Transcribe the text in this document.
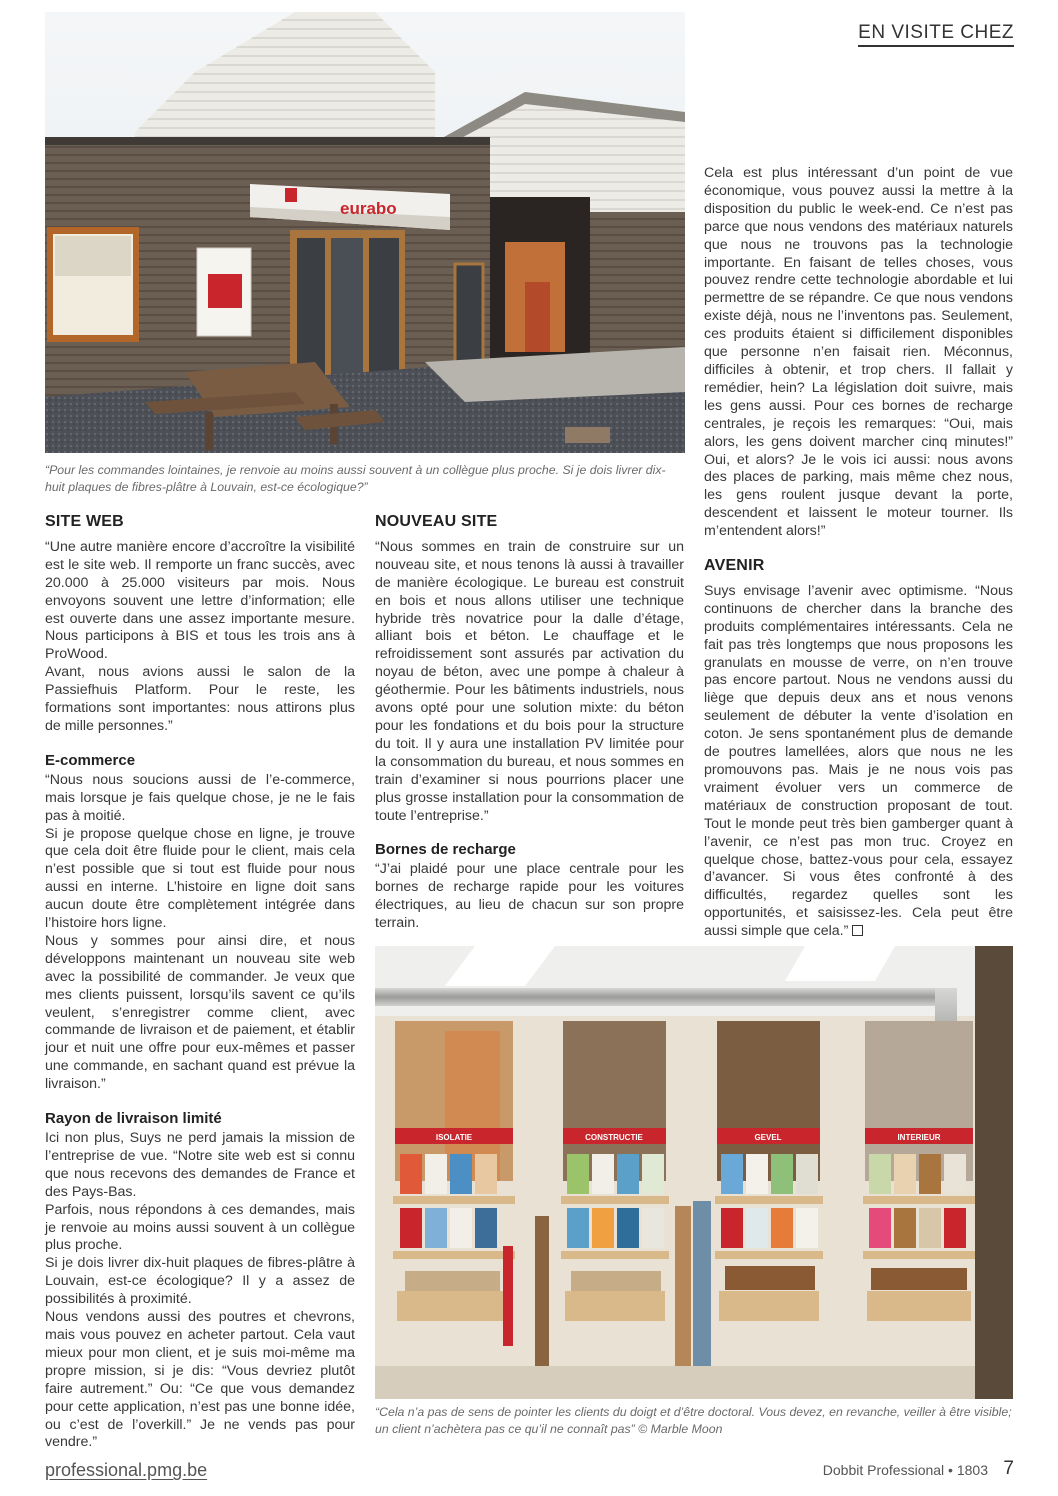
EN VISITE CHEZ
eurabo
“Pour les commandes lointaines, je renvoie au moins aussi souvent à un collègue plus proche. Si je dois livrer dix-huit plaques de fibres-plâtre à Louvain, est-ce écologique?”
SITE WEB

“Une autre manière encore d’accroître la visibilité est le site web. Il remporte un franc succès, avec 20.000 à 25.000 visiteurs par mois. Nous envoyons souvent une lettre d’information; elle est ouverte dans une assez importante mesure. Nous participons à BIS et tous les trois ans à ProWood.

Avant, nous avions aussi le salon de la Passiefhuis Platform. Pour le reste, les formations sont importantes: nous attirons plus de mille personnes.”

E-commerce

“Nous nous soucions aussi de l’e-commerce, mais lorsque je fais quelque chose, je ne le fais pas à moitié.

Si je propose quelque chose en ligne, je trouve que cela doit être fluide pour le client, mais cela n’est possible que si tout est fluide pour nous aussi en interne. L’histoire en ligne doit sans aucun doute être complètement intégrée dans l’histoire hors ligne.

Nous y sommes pour ainsi dire, et nous développons maintenant un nouveau site web avec la possibilité de commander. Je veux que mes clients puissent, lorsqu’ils savent ce qu’ils veulent, s’enregistrer comme client, avec commande de livraison et de paiement, et établir jour et nuit une offre pour eux-mêmes et passer une commande, en sachant quand est prévue la livraison.”

Rayon de livraison limité

Ici non plus, Suys ne perd jamais la mission de l’entreprise de vue. “Notre site web est si connu que nous recevons des demandes de France et des Pays-Bas.

Parfois, nous répondons à ces demandes, mais je renvoie au moins aussi souvent à un collègue plus proche.

Si je dois livrer dix-huit plaques de fibres-plâtre à Louvain, est-ce écologique? Il y a assez de possibilités à proximité.

Nous vendons aussi des poutres et chevrons, mais vous pouvez en acheter partout. Cela vaut mieux pour mon client, et je suis moi-même ma propre mission, si je dis: “Vous devriez plutôt faire autrement.” Ou: “Ce que vous demandez pour cette application, n’est pas une bonne idée, ou c’est de l’overkill.” Je ne vends pas pour vendre.”

NOUVEAU SITE

“Nous sommes en train de construire sur un nouveau site, et nous tenons là aussi à travailler de manière écologique. Le bureau est construit en bois et nous allons utiliser une technique hybride très novatrice pour la dalle d’étage, alliant bois et béton. Le chauffage et le refroidissement sont assurés par activation du noyau de béton, avec une pompe à chaleur à géothermie. Pour les bâtiments industriels, nous avons opté pour une solution mixte: du béton pour les fondations et du bois pour la structure du toit. Il y aura une installation PV limitée pour la consommation du bureau, et nous sommes en train d’examiner si nous pourrions placer une plus grosse installation pour la consommation de toute l’entreprise.”

Bornes de recharge

“J’ai plaidé pour une place centrale pour les bornes de recharge rapide pour les voitures électriques, au lieu de chacun sur son propre terrain.

Cela est plus intéressant d’un point de vue économique, vous pouvez aussi la mettre à la disposition du public le week-end. Ce n’est pas parce que nous vendons des matériaux naturels que nous ne trouvons pas la technologie importante. En faisant de telles choses, vous pouvez rendre cette technologie abordable et lui permettre de se répandre. Ce que nous vendons existe déjà, nous ne l’inventons pas. Seulement, ces produits étaient si difficilement disponibles que personne n’en faisait rien. Méconnus, difficiles à obtenir, et trop chers. Il fallait y remédier, hein? La législation doit suivre, mais les gens aussi. Pour ces bornes de recharge centrales, je reçois les remarques: “Oui, mais alors, les gens doivent marcher cinq minutes!” Oui, et alors? Je le vois ici aussi: nous avons des places de parking, mais même chez nous, les gens roulent jusque devant la porte, descendent et laissent le moteur tourner. Ils m’entendent alors!”

AVENIR

Suys envisage l’avenir avec optimisme. “Nous continuons de chercher dans la branche des produits complémentaires intéressants. Cela ne fait pas très longtemps que nous proposons les granulats en mousse de verre, on n’en trouve pas encore partout. Nous ne vendons aussi du liège que depuis deux ans et nous venons seulement de débuter la vente d’isolation en coton. Je sens spontanément plus de demande de poutres lamellées, alors que nous ne les promouvons pas. Mais je ne nous vois pas vraiment évoluer vers un commerce de matériaux de construction proposant de tout. Tout le monde peut très bien gamberger quant à l’avenir, ce n’est pas mon truc. Croyez en quelque chose, battez-vous pour cela, essayez d’avancer. Si vous êtes confronté à des difficultés, regardez quelles sont les opportunités, et saisissez-les. Cela peut être aussi simple que cela.”

ISOLATIE	CONSTRUCTIE	GEVEL	INTERIEUR
“Cela n’a pas de sens de pointer les clients du doigt et d’être doctoral. Vous devez, en revanche, veiller à être visible; un client n’achètera pas ce qu’il ne connaît pas” © Marble Moon
professional.pmg.be	Dobbit Professional • 1803 7
